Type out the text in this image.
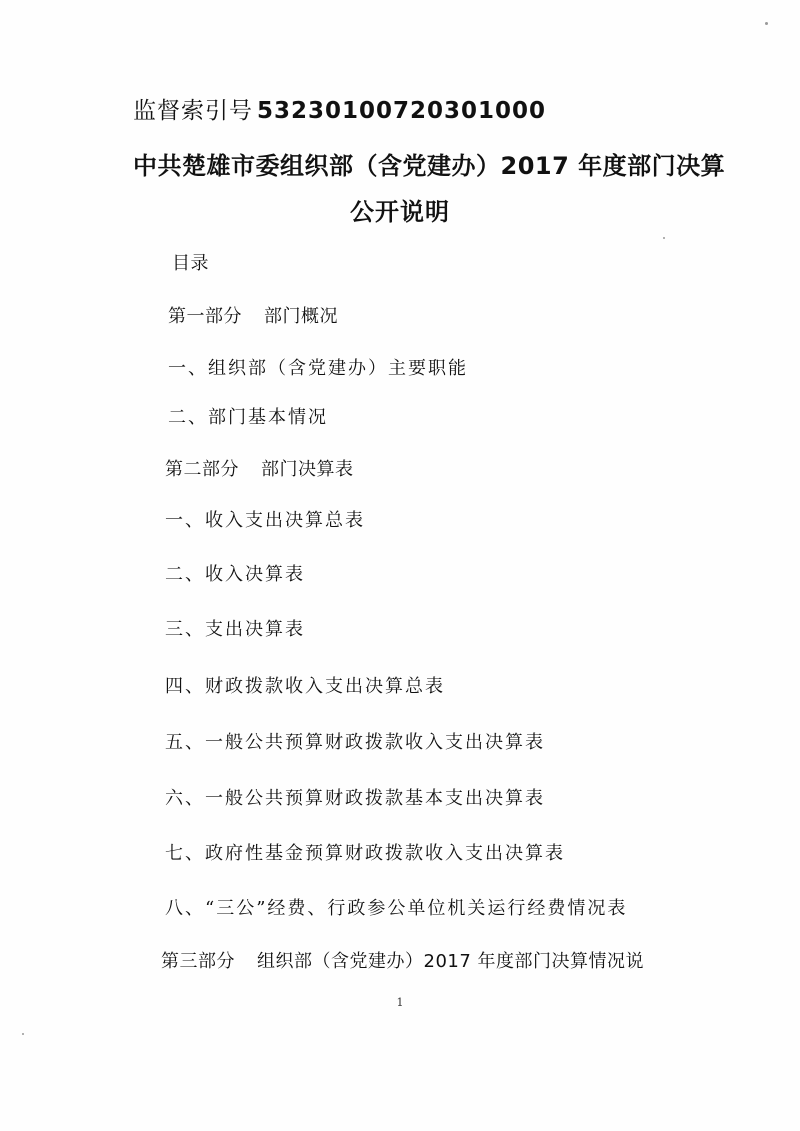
监督索引号 53230100720301000
中共楚雄市委组织部（含党建办）2017 年度部门决算
公开说明
目录
第一部分 部门概况
一、组织部（含党建办）主要职能
二、部门基本情况
第二部分 部门决算表
一、收入支出决算总表
二、收入决算表
三、支出决算表
四、财政拨款收入支出决算总表
五、一般公共预算财政拨款收入支出决算表
六、一般公共预算财政拨款基本支出决算表
七、政府性基金预算财政拨款收入支出决算表
八、“三公”经费、行政参公单位机关运行经费情况表
第三部分 组织部（含党建办）2017 年度部门决算情况说
1
